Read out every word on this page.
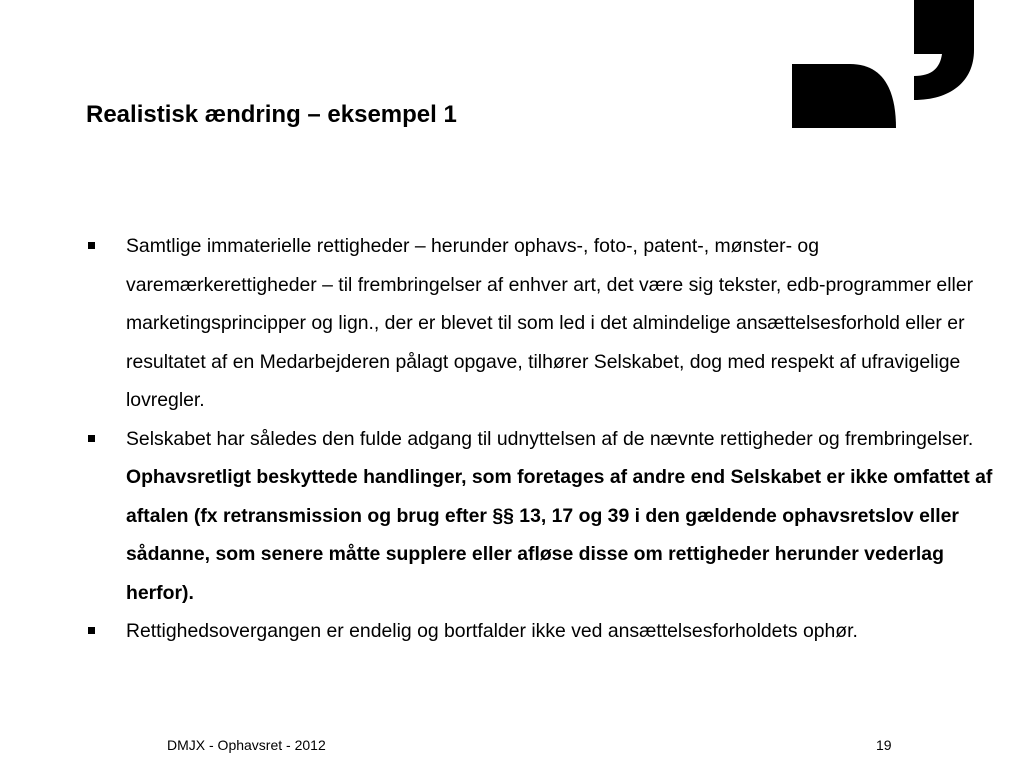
Realistisk ændring – eksempel 1
Samtlige immaterielle rettigheder – herunder ophavs-, foto-, patent-, mønster- og varemærkerettigheder – til frembringelser af enhver art, det være sig tekster, edb-programmer eller marketingsprincipper og lign., der er blevet til som led i det almindelige ansættelsesforhold eller er resultatet af en Medarbejderen pålagt opgave, tilhører Selskabet, dog med respekt af ufravigelige lovregler.
Selskabet har således den fulde adgang til udnyttelsen af de nævnte rettigheder og frembringelser. Ophavsretligt beskyttede handlinger, som foretages af andre end Selskabet er ikke omfattet af aftalen (fx retransmission og brug efter §§ 13, 17 og 39 i den gældende ophavsretslov eller sådanne, som senere måtte supplere eller afløse disse om rettigheder herunder vederlag herfor).
Rettighedsovergangen er endelig og bortfalder ikke ved ansættelsesforholdets ophør.
DMJX - Ophavsret - 2012	19
